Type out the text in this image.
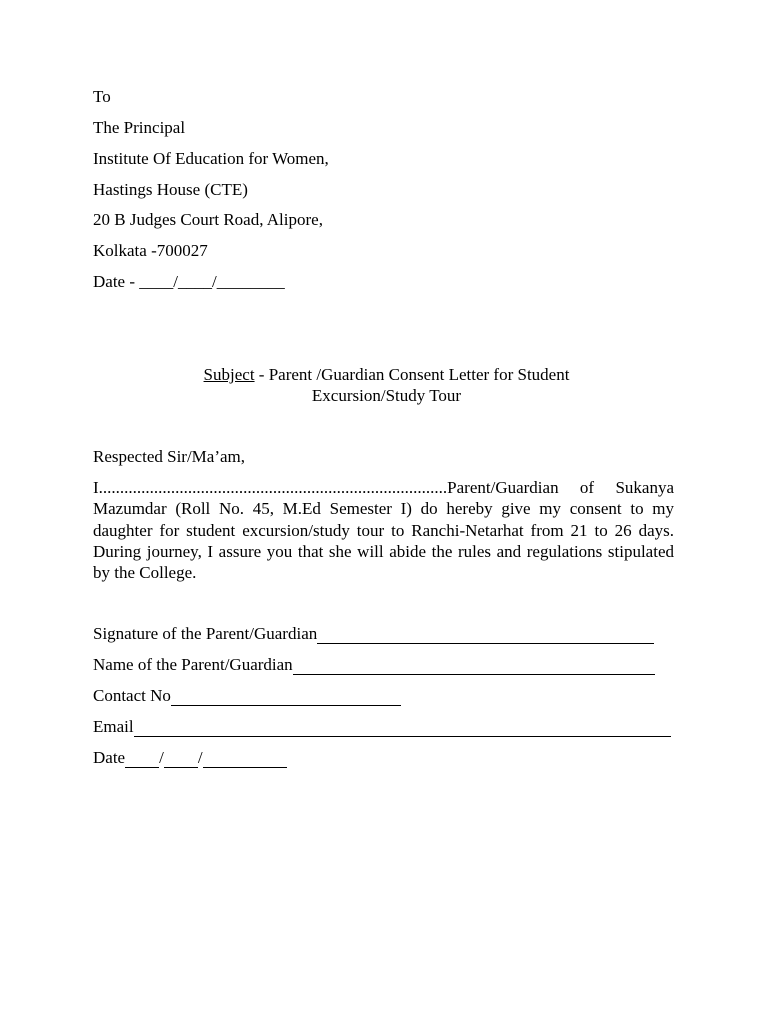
To
The Principal
Institute Of Education for Women,
Hastings House (CTE)
20 B Judges Court Road, Alipore,
Kolkata -700027
Date - ____/____/________
Subject - Parent /Guardian Consent Letter for Student
Excursion/Study Tour
Respected Sir/Ma’am,
I..................................................................................Parent/Guardian of Sukanya Mazumdar (Roll No. 45, M.Ed Semester I) do hereby give my consent to my daughter for student excursion/study tour to Ranchi-Netarhat from 21 to 26 days. During journey, I assure you that she will abide the rules and regulations stipulated by the College.
Signature of the Parent/Guardian
Name of the Parent/Guardian
Contact No
Email
Date / /
